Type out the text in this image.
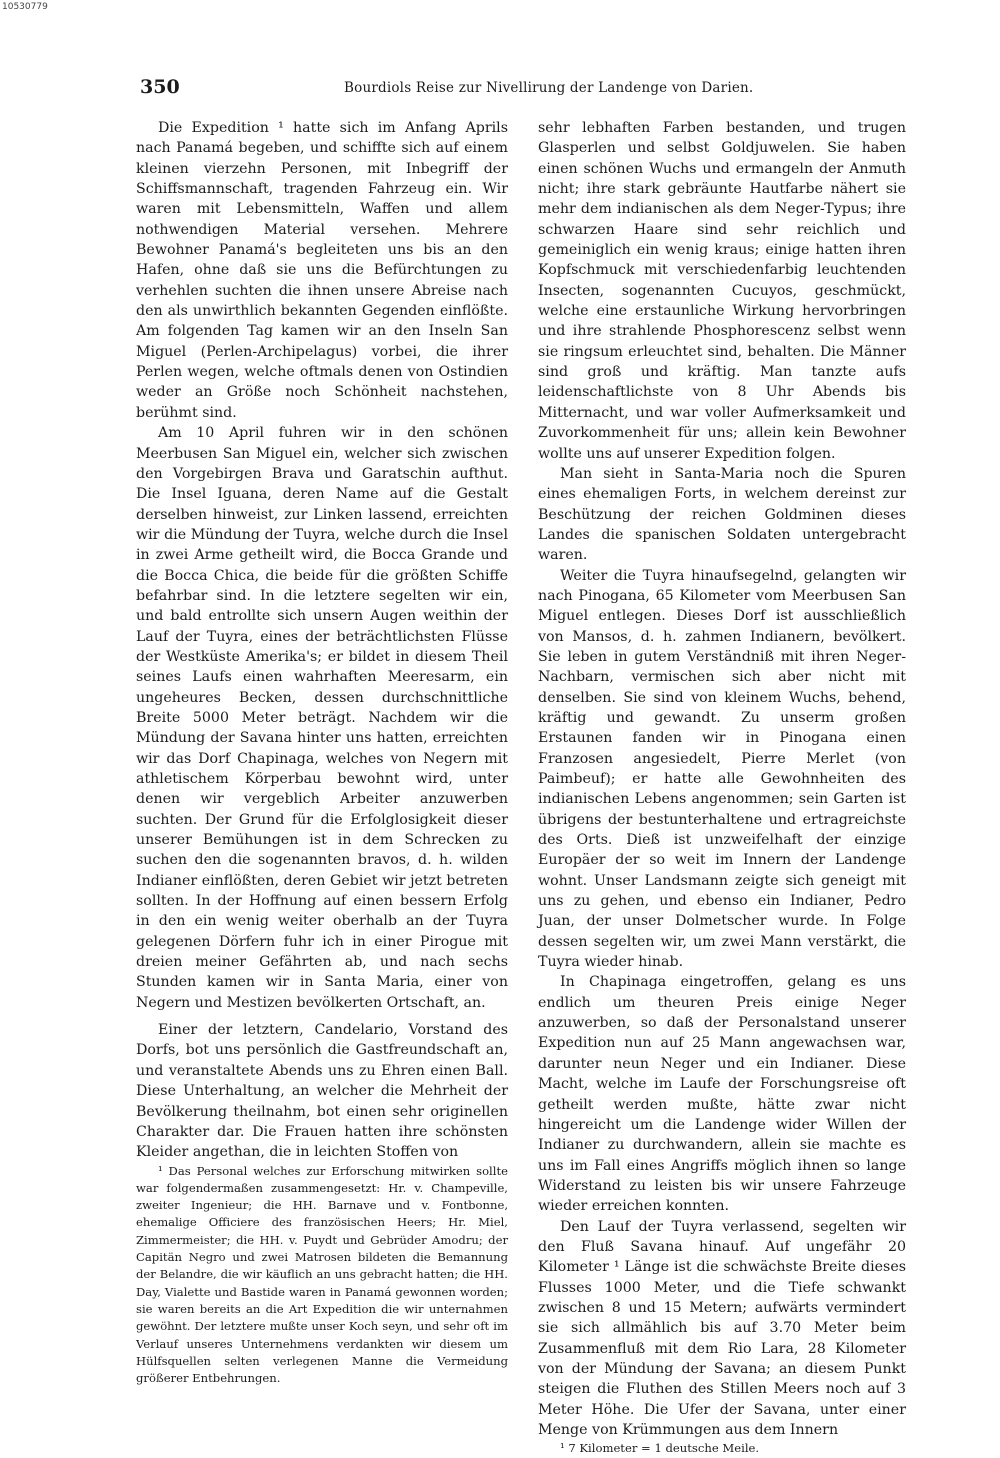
10530779
350	Bourdiols Reise zur Nivellirung der Landenge von Darien.

Die Expedition ¹ hatte sich im Anfang Aprils nach Panamá begeben, und schiffte sich auf einem kleinen vierzehn Personen, mit Inbegriff der Schiffsmannschaft, tragenden Fahrzeug ein. Wir waren mit Lebensmitteln, Waffen und allem nothwendigen Material versehen. Mehrere Bewohner Panamá's begleiteten uns bis an den Hafen, ohne daß sie uns die Befürchtungen zu verhehlen suchten die ihnen unsere Abreise nach den als unwirthlich bekannten Gegenden einflößte. Am folgenden Tag kamen wir an den Inseln San Miguel (Perlen-Archipelagus) vorbei, die ihrer Perlen wegen, welche oftmals denen von Ostindien weder an Größe noch Schönheit nachstehen, berühmt sind.

Am 10 April fuhren wir in den schönen Meerbusen San Miguel ein, welcher sich zwischen den Vorgebirgen Brava und Garatschin aufthut. Die Insel Iguana, deren Name auf die Gestalt derselben hinweist, zur Linken lassend, erreichten wir die Mündung der Tuyra, welche durch die Insel in zwei Arme getheilt wird, die Bocca Grande und die Bocca Chica, die beide für die größten Schiffe befahrbar sind. In die letztere segelten wir ein, und bald entrollte sich unsern Augen weithin der Lauf der Tuyra, eines der beträchtlichsten Flüsse der Westküste Amerika's; er bildet in diesem Theil seines Laufs einen wahrhaften Meeresarm, ein ungeheures Becken, dessen durchschnittliche Breite 5000 Meter beträgt. Nachdem wir die Mündung der Savana hinter uns hatten, erreichten wir das Dorf Chapinaga, welches von Negern mit athletischem Körperbau bewohnt wird, unter denen wir vergeblich Arbeiter anzuwerben suchten. Der Grund für die Erfolglosigkeit dieser unserer Bemühungen ist in dem Schrecken zu suchen den die sogenannten bravos, d. h. wilden Indianer einflößten, deren Gebiet wir jetzt betreten sollten. In der Hoffnung auf einen bessern Erfolg in den ein wenig weiter oberhalb an der Tuyra gelegenen Dörfern fuhr ich in einer Pirogue mit dreien meiner Gefährten ab, und nach sechs Stunden kamen wir in Santa Maria, einer von Negern und Mestizen bevölkerten Ortschaft, an.

Einer der letztern, Candelario, Vorstand des Dorfs, bot uns persönlich die Gastfreundschaft an, und veranstaltete Abends uns zu Ehren einen Ball. Diese Unterhaltung, an welcher die Mehrheit der Bevölkerung theilnahm, bot einen sehr originellen Charakter dar. Die Frauen hatten ihre schönsten Kleider angethan, die in leichten Stoffen von

¹ Das Personal welches zur Erforschung mitwirken sollte war folgendermaßen zusammengesetzt: Hr. v. Champeville, zweiter Ingenieur; die HH. Barnave und v. Fontbonne, ehemalige Officiere des französischen Heers; Hr. Miel, Zimmermeister; die HH. v. Puydt und Gebrüder Amodru; der Capitän Negro und zwei Matrosen bildeten die Bemannung der Belandre, die wir käuflich an uns gebracht hatten; die HH. Day, Vialette und Bastide waren in Panamá gewonnen worden; sie waren bereits an die Art Expedition die wir unternahmen gewöhnt. Der letztere mußte unser Koch seyn, und sehr oft im Verlauf unseres Unternehmens verdankten wir diesem um Hülfsquellen selten verlegenen Manne die Vermeidung größerer Entbehrungen.

sehr lebhaften Farben bestanden, und trugen Glasperlen und selbst Goldjuwelen. Sie haben einen schönen Wuchs und ermangeln der Anmuth nicht; ihre stark gebräunte Hautfarbe nähert sie mehr dem indianischen als dem Neger-Typus; ihre schwarzen Haare sind sehr reichlich und gemeiniglich ein wenig kraus; einige hatten ihren Kopfschmuck mit verschiedenfarbig leuchtenden Insecten, sogenannten Cucuyos, geschmückt, welche eine erstaunliche Wirkung hervorbringen und ihre strahlende Phosphorescenz selbst wenn sie ringsum erleuchtet sind, behalten. Die Männer sind groß und kräftig. Man tanzte aufs leidenschaftlichste von 8 Uhr Abends bis Mitternacht, und war voller Aufmerksamkeit und Zuvorkommenheit für uns; allein kein Bewohner wollte uns auf unserer Expedition folgen.

Man sieht in Santa-Maria noch die Spuren eines ehemaligen Forts, in welchem dereinst zur Beschützung der reichen Goldminen dieses Landes die spanischen Soldaten untergebracht waren.

Weiter die Tuyra hinaufsegelnd, gelangten wir nach Pinogana, 65 Kilometer vom Meerbusen San Miguel entlegen. Dieses Dorf ist ausschließlich von Mansos, d. h. zahmen Indianern, bevölkert. Sie leben in gutem Verständniß mit ihren Neger-Nachbarn, vermischen sich aber nicht mit denselben. Sie sind von kleinem Wuchs, behend, kräftig und gewandt. Zu unserm großen Erstaunen fanden wir in Pinogana einen Franzosen angesiedelt, Pierre Merlet (von Paimbeuf); er hatte alle Gewohnheiten des indianischen Lebens angenommen; sein Garten ist übrigens der bestunterhaltene und ertragreichste des Orts. Dieß ist unzweifelhaft der einzige Europäer der so weit im Innern der Landenge wohnt. Unser Landsmann zeigte sich geneigt mit uns zu gehen, und ebenso ein Indianer, Pedro Juan, der unser Dolmetscher wurde. In Folge dessen segelten wir, um zwei Mann verstärkt, die Tuyra wieder hinab.

In Chapinaga eingetroffen, gelang es uns endlich um theuren Preis einige Neger anzuwerben, so daß der Personalstand unserer Expedition nun auf 25 Mann angewachsen war, darunter neun Neger und ein Indianer. Diese Macht, welche im Laufe der Forschungsreise oft getheilt werden mußte, hätte zwar nicht hingereicht um die Landenge wider Willen der Indianer zu durchwandern, allein sie machte es uns im Fall eines Angriffs möglich ihnen so lange Widerstand zu leisten bis wir unsere Fahrzeuge wieder erreichen konnten.

Den Lauf der Tuyra verlassend, segelten wir den Fluß Savana hinauf. Auf ungefähr 20 Kilometer ¹ Länge ist die schwächste Breite dieses Flusses 1000 Meter, und die Tiefe schwankt zwischen 8 und 15 Metern; aufwärts vermindert sie sich allmählich bis auf 3.70 Meter beim Zusammenfluß mit dem Rio Lara, 28 Kilometer von der Mündung der Savana; an diesem Punkt steigen die Fluthen des Stillen Meers noch auf 3 Meter Höhe. Die Ufer der Savana, unter einer Menge von Krümmungen aus dem Innern

¹ 7 Kilometer = 1 deutsche Meile.
